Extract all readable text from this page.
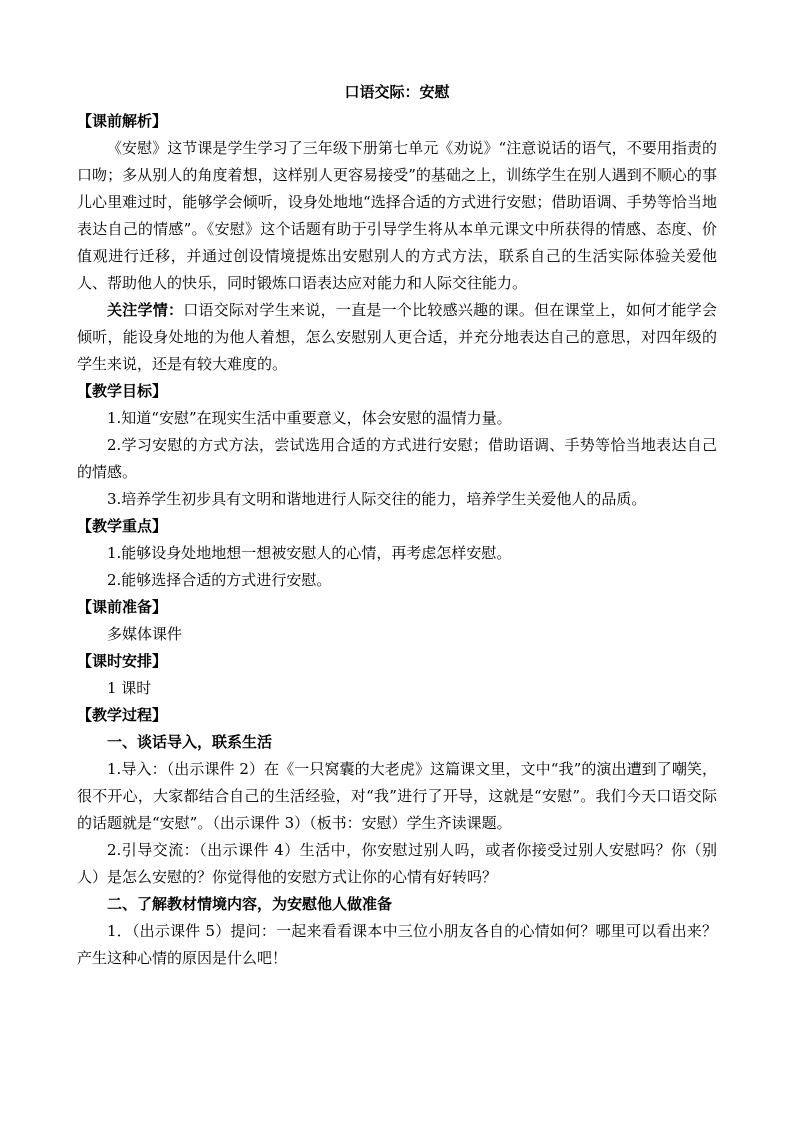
口语交际：安慰

【课前解析】

《安慰》这节课是学生学习了三年级下册第七单元《劝说》“注意说话的语气，不要用指责的口吻；多从别人的角度着想，这样别人更容易接受”的基础之上，训练学生在别人遇到不顺心的事儿心里难过时，能够学会倾听，设身处地地“选择合适的方式进行安慰；借助语调、手势等恰当地表达自己的情感”。《安慰》这个话题有助于引导学生将从本单元课文中所获得的情感、态度、价值观进行迁移，并通过创设情境提炼出安慰别人的方式方法，联系自己的生活实际体验关爱他人、帮助他人的快乐，同时锻炼口语表达应对能力和人际交往能力。

关注学情：口语交际对学生来说，一直是一个比较感兴趣的课。但在课堂上，如何才能学会倾听，能设身处地的为他人着想，怎么安慰别人更合适，并充分地表达自己的意思，对四年级的学生来说，还是有较大难度的。

【教学目标】

1.知道“安慰”在现实生活中重要意义，体会安慰的温情力量。

2.学习安慰的方式方法，尝试选用合适的方式进行安慰；借助语调、手势等恰当地表达自己的情感。

3.培养学生初步具有文明和谐地进行人际交往的能力，培养学生关爱他人的品质。

【教学重点】

1.能够设身处地地想一想被安慰人的心情，再考虑怎样安慰。

2.能够选择合适的方式进行安慰。

【课前准备】

多媒体课件

【课时安排】

1 课时

【教学过程】

一、谈话导入，联系生活

1.导入：（出示课件 2）在《一只窝囊的大老虎》这篇课文里，文中“我”的演出遭到了嘲笑，很不开心，大家都结合自己的生活经验，对“我”进行了开导，这就是“安慰”。我们今天口语交际的话题就是“安慰”。（出示课件 3）（板书：安慰）学生齐读课题。

2.引导交流：（出示课件 4）生活中，你安慰过别人吗，或者你接受过别人安慰吗？你（别人）是怎么安慰的？你觉得他的安慰方式让你的心情有好转吗？

二、了解教材情境内容，为安慰他人做准备

1．（出示课件 5）提问：一起来看看课本中三位小朋友各自的心情如何？哪里可以看出来？产生这种心情的原因是什么吧！
